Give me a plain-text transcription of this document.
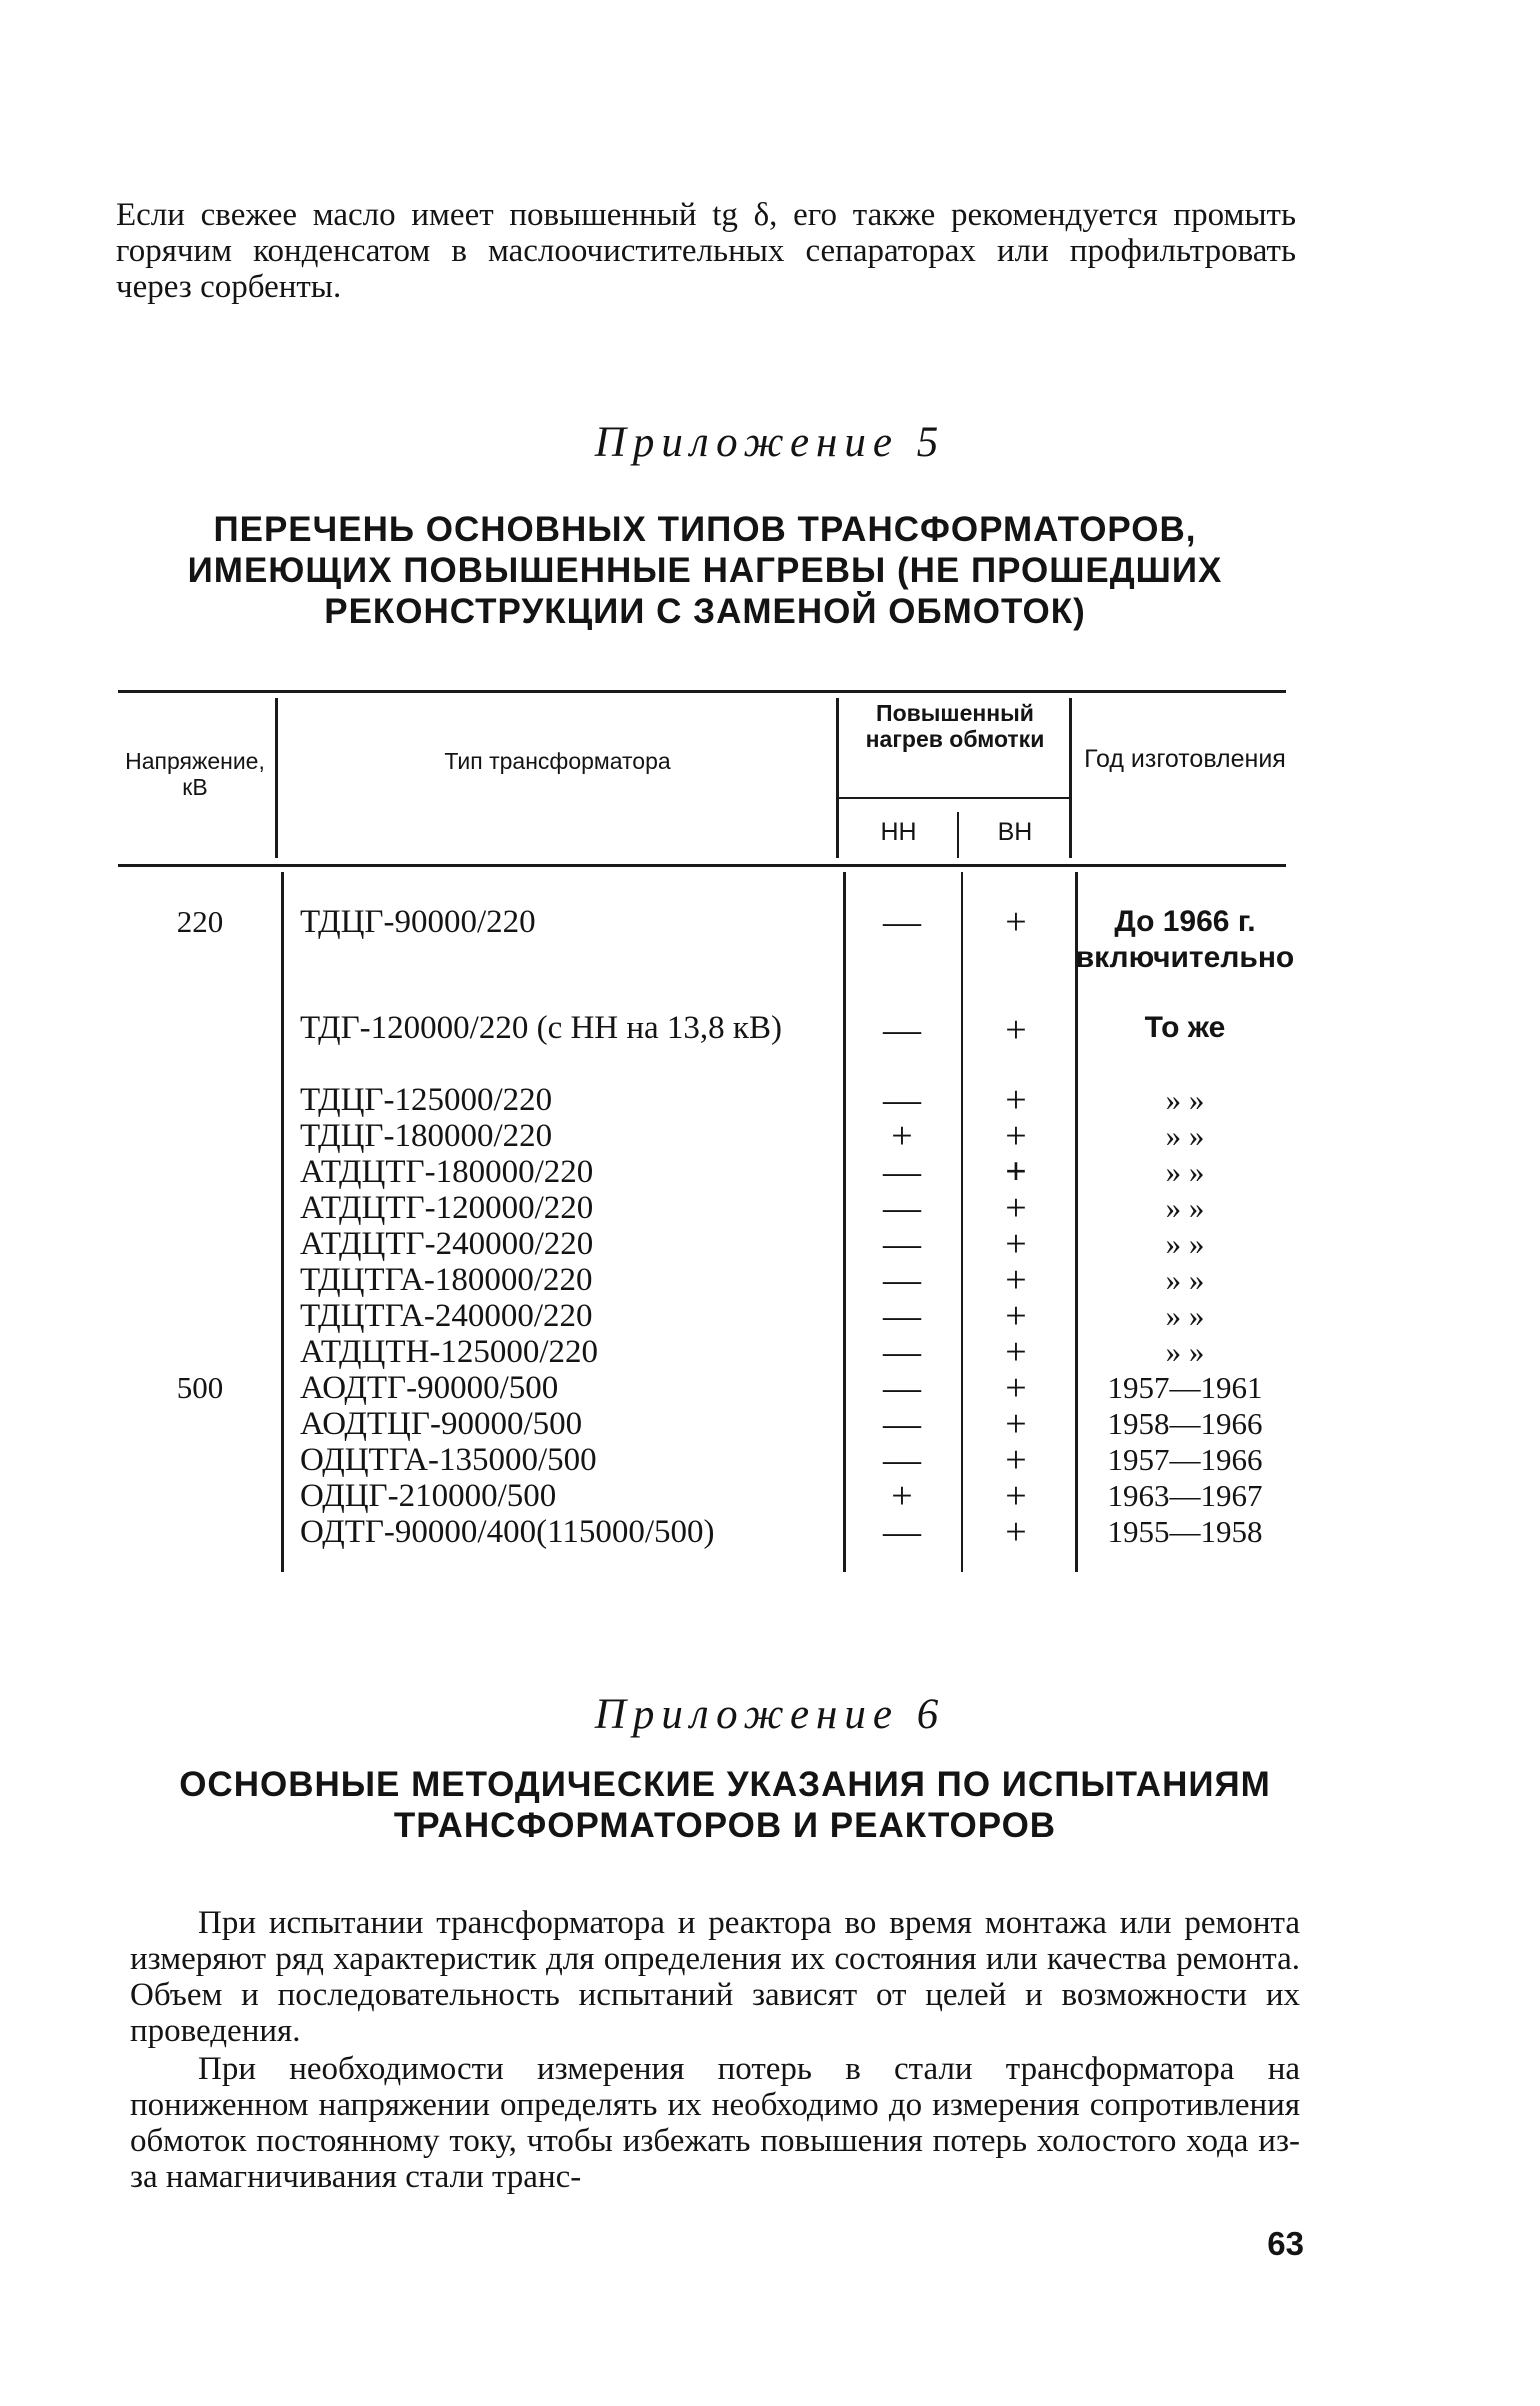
Если свежее масло имеет повышенный tg δ, его также рекомендуется промыть горячим конденсатом в маслоочистительных сепараторах или профильтровать через сорбенты.
Приложение 5
ПЕРЕЧЕНЬ ОСНОВНЫХ ТИПОВ ТРАНСФОРМАТОРОВ, ИМЕЮЩИХ ПОВЫШЕННЫЕ НАГРЕВЫ (НЕ ПРОШЕДШИХ РЕКОНСТРУКЦИИ С ЗАМЕНОЙ ОБМОТОК)
Напряжение, кВ
Тип трансформатора
Повышенный нагрев обмотки
НН	ВН
Год изготовления
220	ТДЦГ-90000/220	—	+	До 1966 г. включительно
ТДГ-120000/220 (с НН на 13,8 кВ)	—	+	То же
ТДЦГ-125000/220	—	+	» »
ТДЦГ-180000/220	+	+	» »
АТДЦТГ-180000/220	—	+	» »
АТДЦТГ-120000/220	—	+	» »
АТДЦТГ-240000/220	—	+	» »
ТДЦТГА-180000/220	—	+	» »
ТДЦТГА-240000/220	—	+	» »
АТДЦТН-125000/220	—	+	» »
500	АОДТГ-90000/500	—	+	1957—1961
АОДТЦГ-90000/500	—	+	1958—1966
ОДЦТГА-135000/500	—	+	1957—1966
ОДЦГ-210000/500	+	+	1963—1967
ОДТГ-90000/400(115000/500)	—	+	1955—1958
Приложение 6
ОСНОВНЫЕ МЕТОДИЧЕСКИЕ УКАЗАНИЯ ПО ИСПЫТАНИЯМ ТРАНСФОРМАТОРОВ И РЕАКТОРОВ
При испытании трансформатора и реактора во время монтажа или ремонта измеряют ряд характеристик для определения их состояния или качества ремонта. Объем и последовательность испытаний зависят от целей и возможности их проведения.
При необходимости измерения потерь в стали трансформатора на пониженном напряжении определять их необходимо до измерения сопротивления обмоток постоянному току, чтобы избежать повышения потерь холостого хода из-за намагничивания стали транс-
63
